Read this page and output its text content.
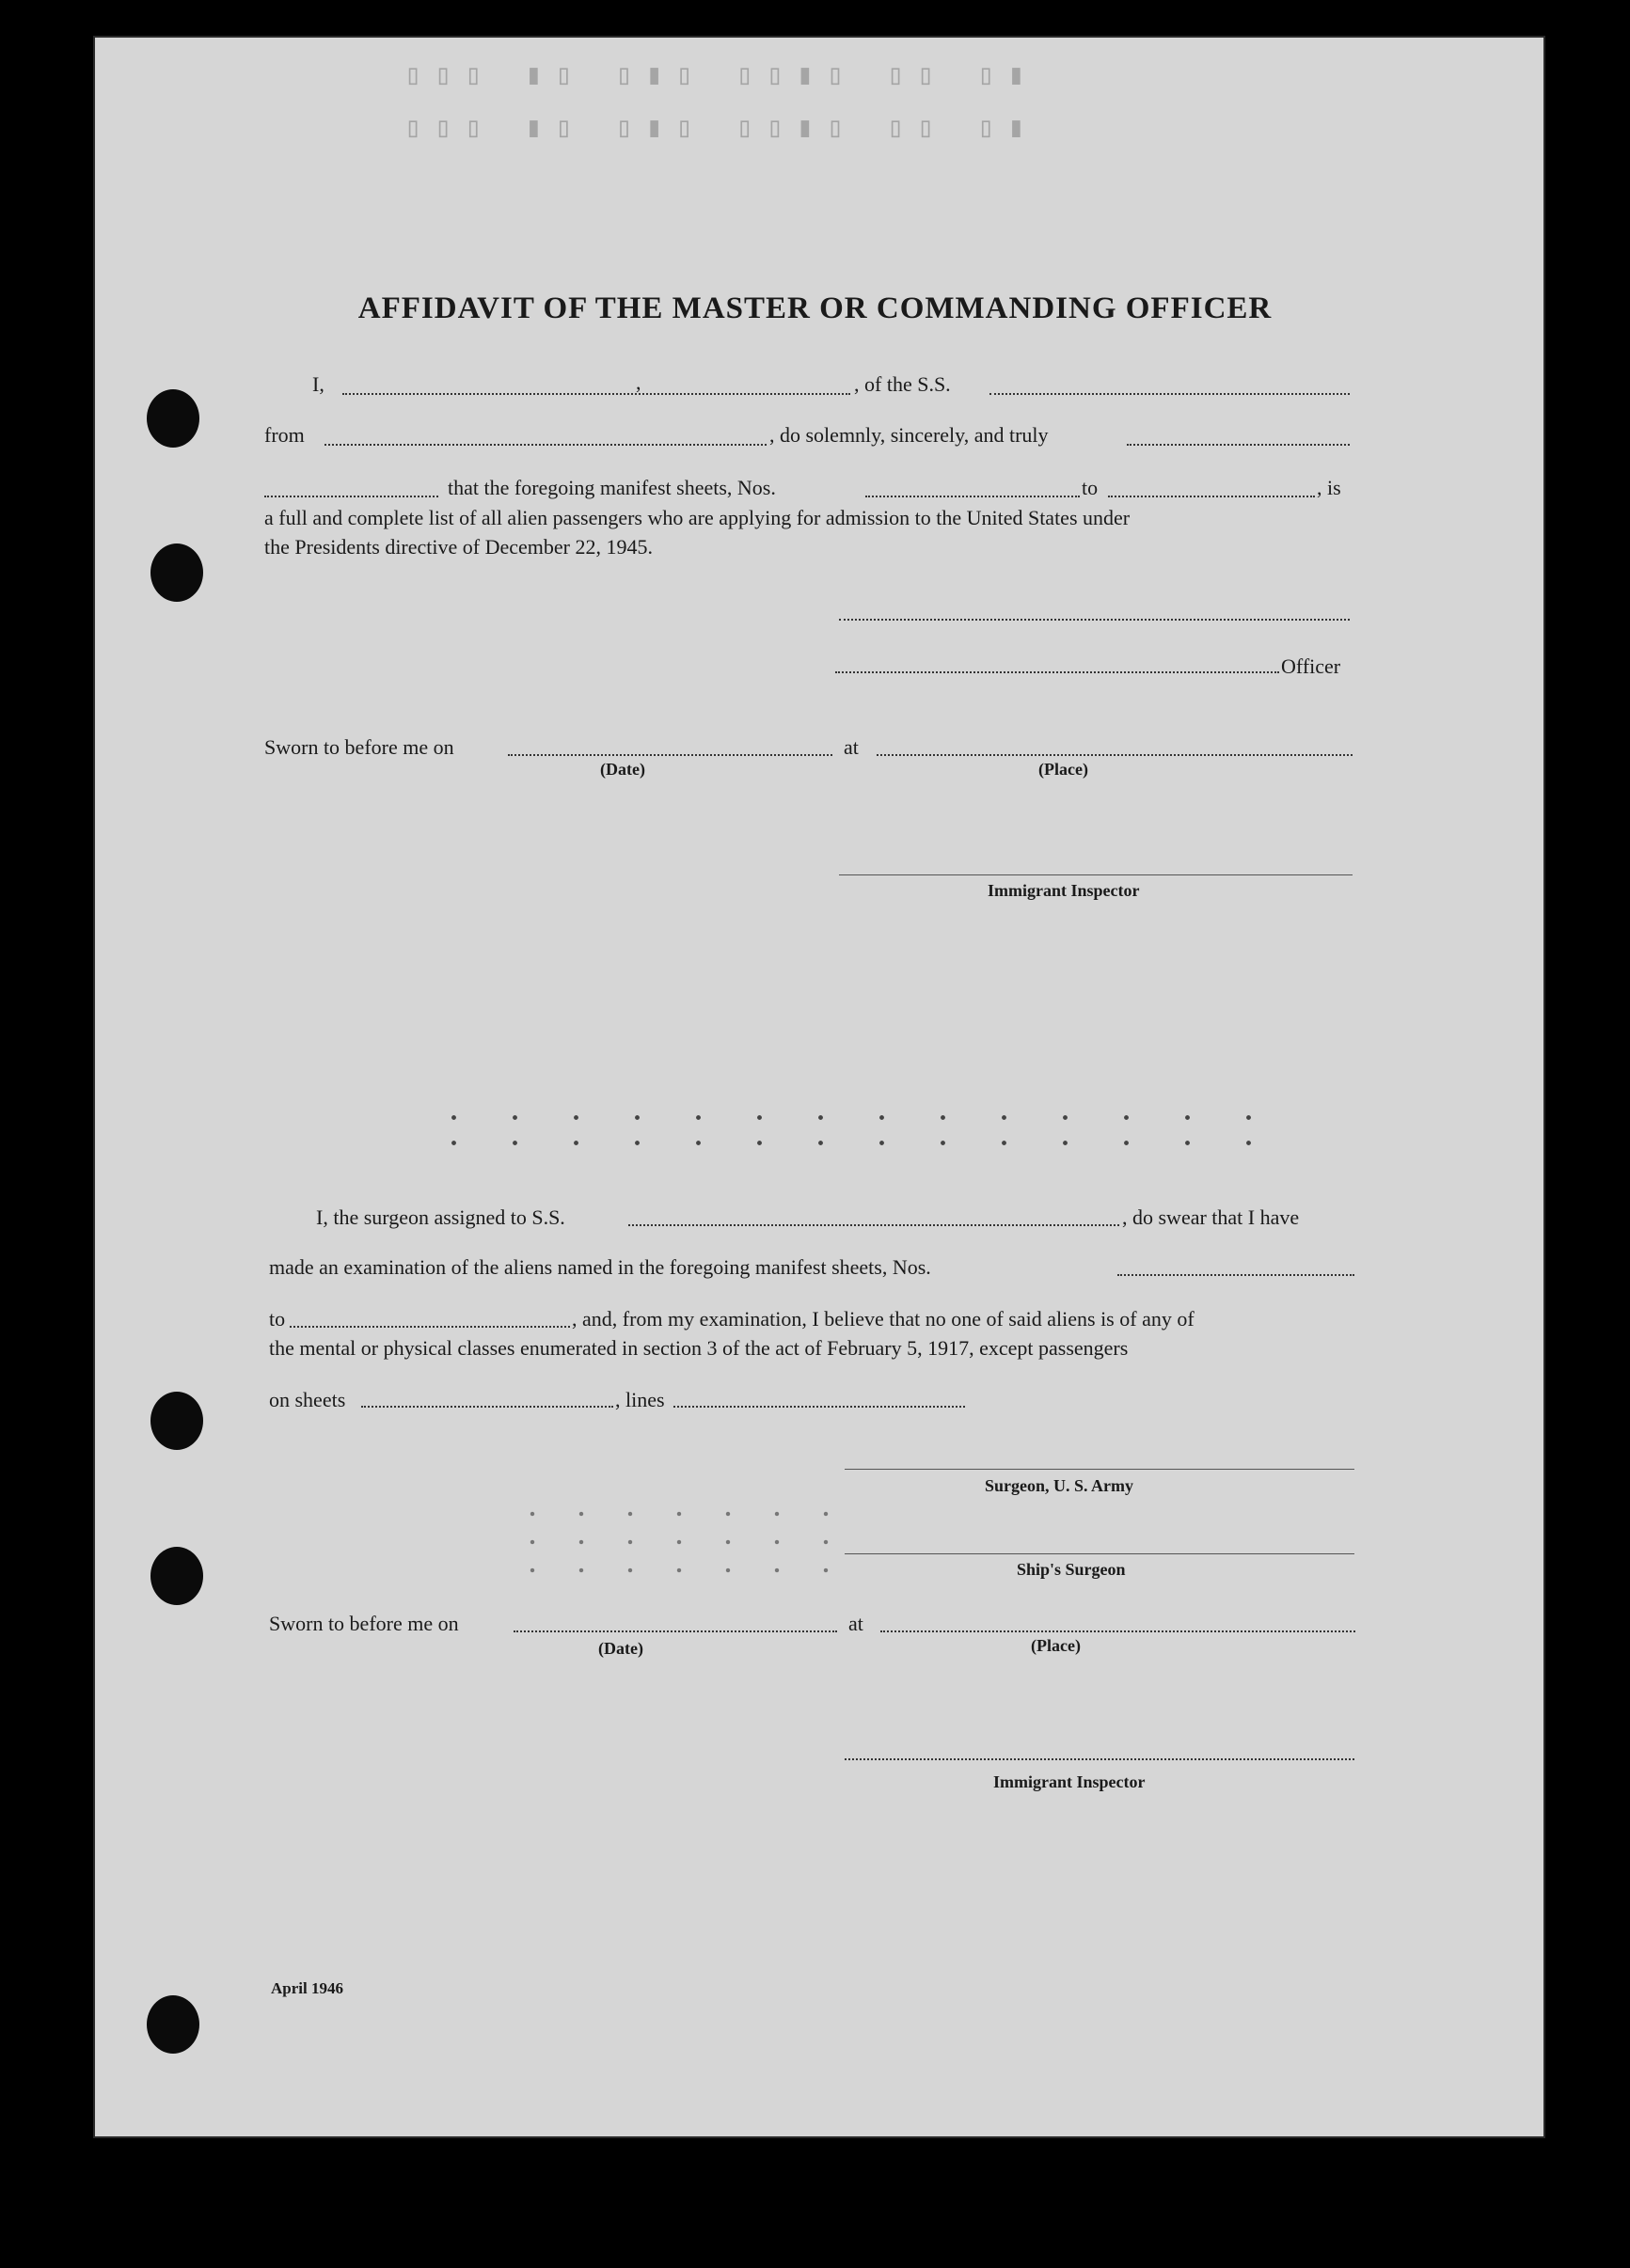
▯▯▯ ▮▯ ▯▮▯ ▯▯▮▯ ▯▯ ▯▮
▯▯▯ ▮▯ ▯▮▯ ▯▯▮▯ ▯▯ ▯▮
AFFIDAVIT OF THE MASTER OR COMMANDING OFFICER
I,	,	, of the S.S.
from	, do solemnly, sincerely, and truly
that the foregoing manifest sheets, Nos.	to	, is
a full and complete list of all alien passengers who are applying for admission to the United States under
the Presidents directive of December 22, 1945.
Officer
Sworn to before me on	at
(Date)	(Place)
Immigrant Inspector
I, the surgeon assigned to S.S.	, do swear that I have
made an examination of the aliens named in the foregoing manifest sheets, Nos.
to	, and, from my examination, I believe that no one of said aliens is of any of
the mental or physical classes enumerated in section 3 of the act of February 5, 1917, except passengers
on sheets	, lines
Surgeon, U. S. Army
Ship's Surgeon
Sworn to before me on	at
(Date)	(Place)
Immigrant Inspector
April 1946
